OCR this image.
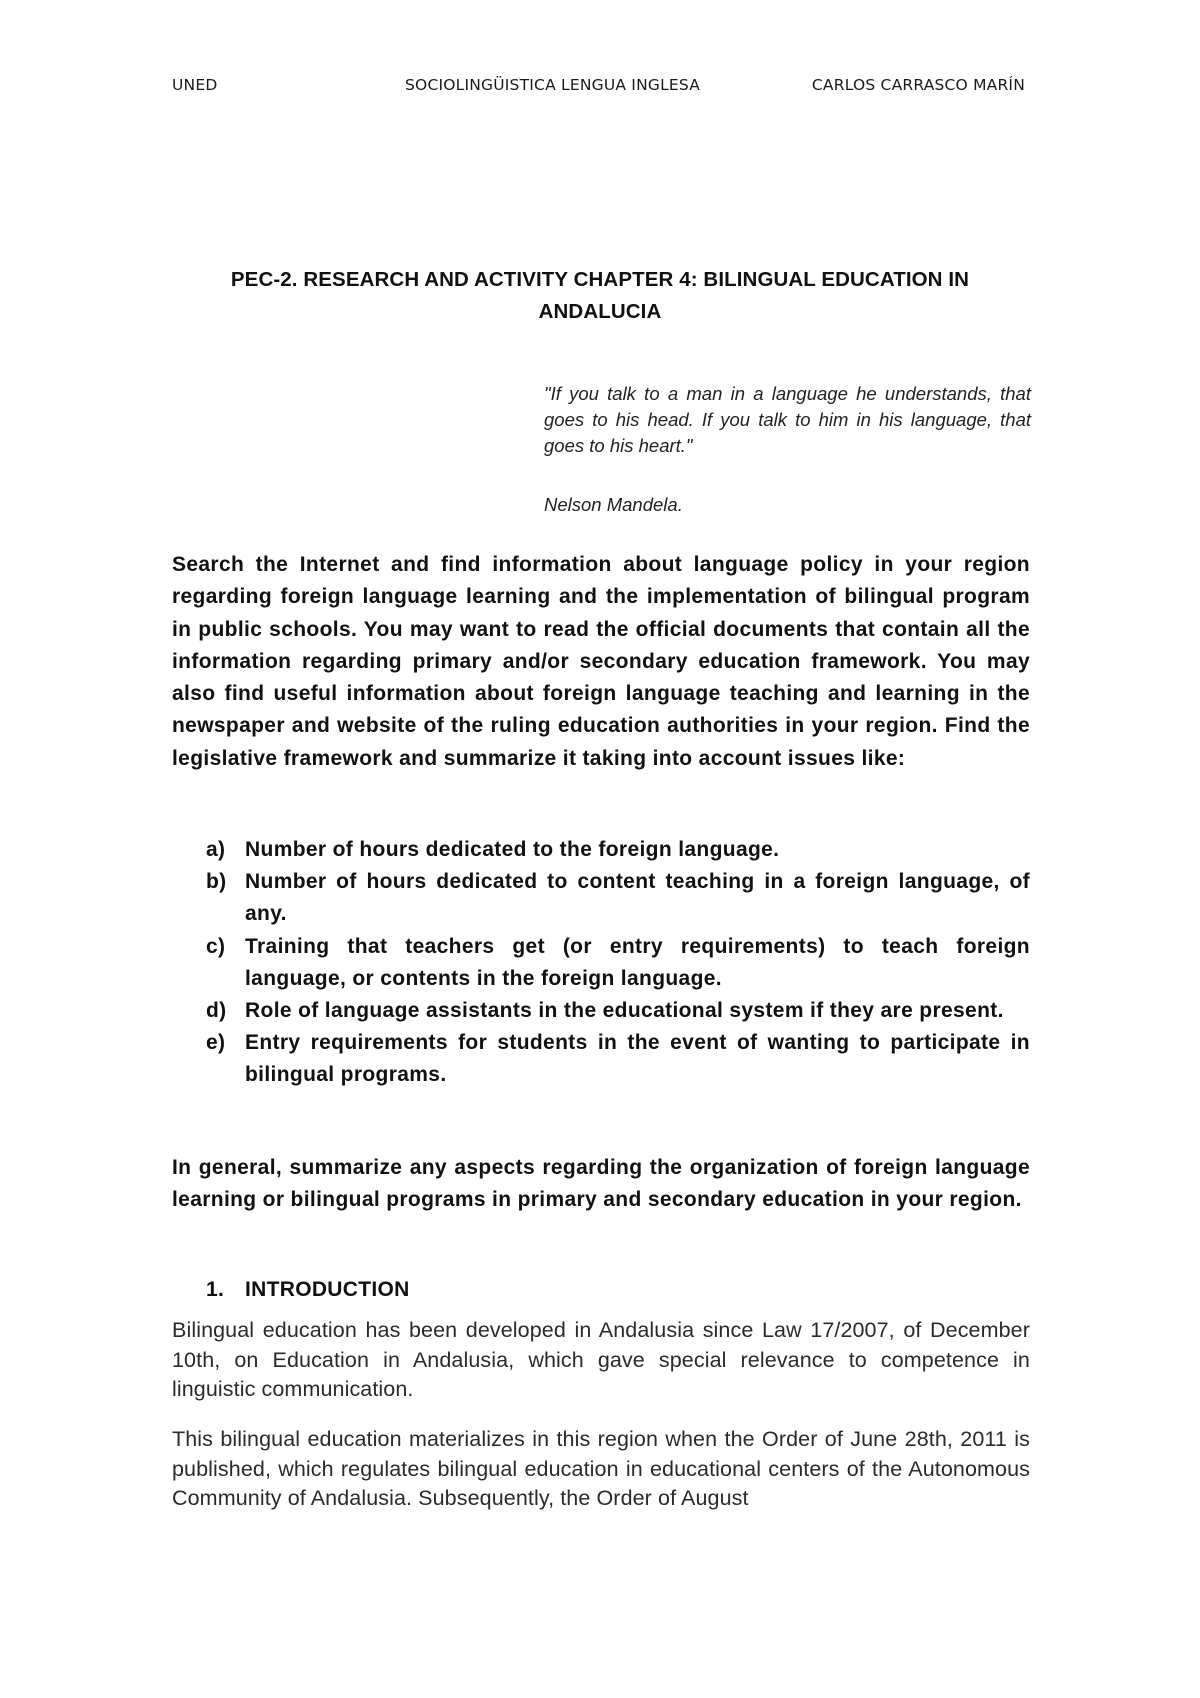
UNED	SOCIOLINGÜISTICA LENGUA INGLESA	CARLOS CARRASCO MARÍN
PEC-2. RESEARCH AND ACTIVITY CHAPTER 4: BILINGUAL EDUCATION IN ANDALUCIA
"If you talk to a man in a language he understands, that goes to his head. If you talk to him in his language, that goes to his heart."
Nelson Mandela.
Search the Internet and find information about language policy in your region regarding foreign language learning and the implementation of bilingual program in public schools. You may want to read the official documents that contain all the information regarding primary and/or secondary education framework. You may also find useful information about foreign language teaching and learning in the newspaper and website of the ruling education authorities in your region. Find the legislative framework and summarize it taking into account issues like:
a) Number of hours dedicated to the foreign language.
b) Number of hours dedicated to content teaching in a foreign language, of any.
c) Training that teachers get (or entry requirements) to teach foreign language, or contents in the foreign language.
d) Role of language assistants in the educational system if they are present.
e) Entry requirements for students in the event of wanting to participate in bilingual programs.
In general, summarize any aspects regarding the organization of foreign language learning or bilingual programs in primary and secondary education in your region.
1. INTRODUCTION
Bilingual education has been developed in Andalusia since Law 17/2007, of December 10th, on Education in Andalusia, which gave special relevance to competence in linguistic communication.
This bilingual education materializes in this region when the Order of June 28th, 2011 is published, which regulates bilingual education in educational centers of the Autonomous Community of Andalusia. Subsequently, the Order of August
